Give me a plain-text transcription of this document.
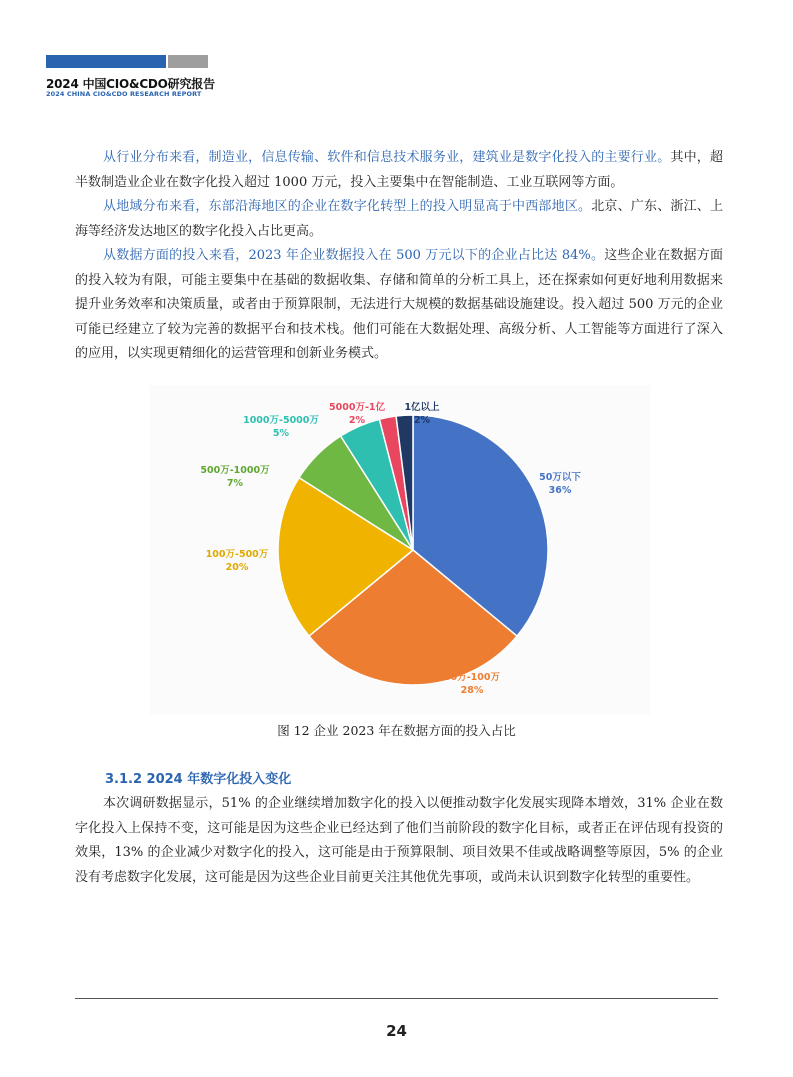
2024 中国CIO&CDO研究报告
2024 CHINA CIO&CDO RESEARCH REPORT

从行业分布来看，制造业，信息传输、软件和信息技术服务业，建筑业是数字化投入的主要行业。其中，超半数制造业企业在数字化投入超过 1000 万元，投入主要集中在智能制造、工业互联网等方面。

从地域分布来看，东部沿海地区的企业在数字化转型上的投入明显高于中西部地区。北京、广东、浙江、上海等经济发达地区的数字化投入占比更高。

从数据方面的投入来看，2023 年企业数据投入在 500 万元以下的企业占比达 84%。这些企业在数据方面的投入较为有限，可能主要集中在基础的数据收集、存储和简单的分析工具上，还在探索如何更好地利用数据来提升业务效率和决策质量，或者由于预算限制，无法进行大规模的数据基础设施建设。投入超过 500 万元的企业可能已经建立了较为完善的数据平台和技术栈。他们可能在大数据处理、高级分析、人工智能等方面进行了深入的应用，以实现更精细化的运营管理和创新业务模式。

50万以下 36%
50万-100万 28%
100万-500万 20%
500万-1000万 7%
1000万-5000万 5%
5000万-1亿 2%
1亿以上 2%
图 12 企业 2023 年在数据方面的投入占比
3.1.2 2024 年数字化投入变化

本次调研数据显示，51% 的企业继续增加数字化的投入以便推动数字化发展实现降本增效，31% 企业在数字化投入上保持不变，这可能是因为这些企业已经达到了他们当前阶段的数字化目标，或者正在评估现有投资的效果，13% 的企业减少对数字化的投入，这可能是由于预算限制、项目效果不佳或战略调整等原因，5% 的企业没有考虑数字化发展，这可能是因为这些企业目前更关注其他优先事项，或尚未认识到数字化转型的重要性。

24
